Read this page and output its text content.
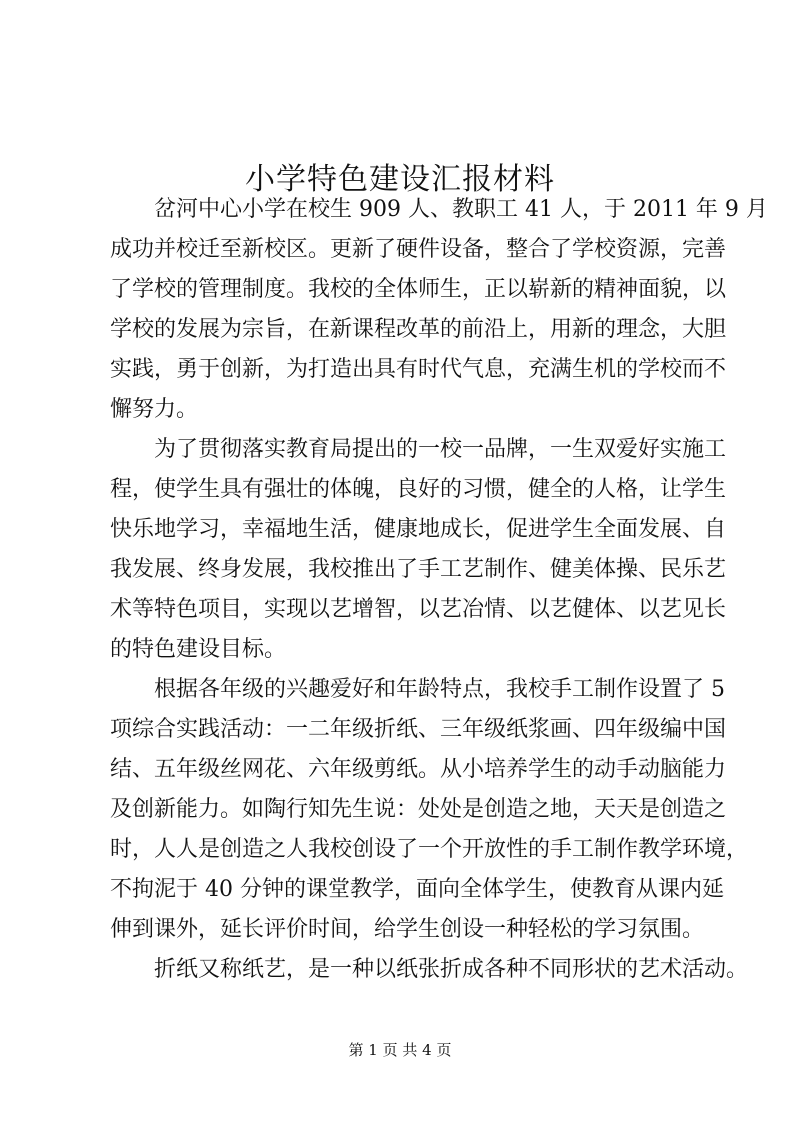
小学特色建设汇报材料
岔河中心小学在校生 909 人、教职工 41 人，于 2011 年 9 月
成功并校迁至新校区。更新了硬件设备，整合了学校资源，完善
了学校的管理制度。我校的全体师生，正以崭新的精神面貌，以
学校的发展为宗旨，在新课程改革的前沿上，用新的理念，大胆
实践，勇于创新，为打造出具有时代气息，充满生机的学校而不
懈努力。
为了贯彻落实教育局提出的一校一品牌，一生双爱好实施工
程，使学生具有强壮的体魄，良好的习惯，健全的人格，让学生
快乐地学习，幸福地生活，健康地成长，促进学生全面发展、自
我发展、终身发展，我校推出了手工艺制作、健美体操、民乐艺
术等特色项目，实现以艺增智，以艺冶情、以艺健体、以艺见长
的特色建设目标。
根据各年级的兴趣爱好和年龄特点，我校手工制作设置了 5
项综合实践活动：一二年级折纸、三年级纸浆画、四年级编中国
结、五年级丝网花、六年级剪纸。从小培养学生的动手动脑能力
及创新能力。如陶行知先生说：处处是创造之地，天天是创造之
时，人人是创造之人我校创设了一个开放性的手工制作教学环境，
不拘泥于 40 分钟的课堂教学，面向全体学生，使教育从课内延
伸到课外，延长评价时间，给学生创设一种轻松的学习氛围。
折纸又称纸艺，是一种以纸张折成各种不同形状的艺术活动。
第 1 页 共 4 页
